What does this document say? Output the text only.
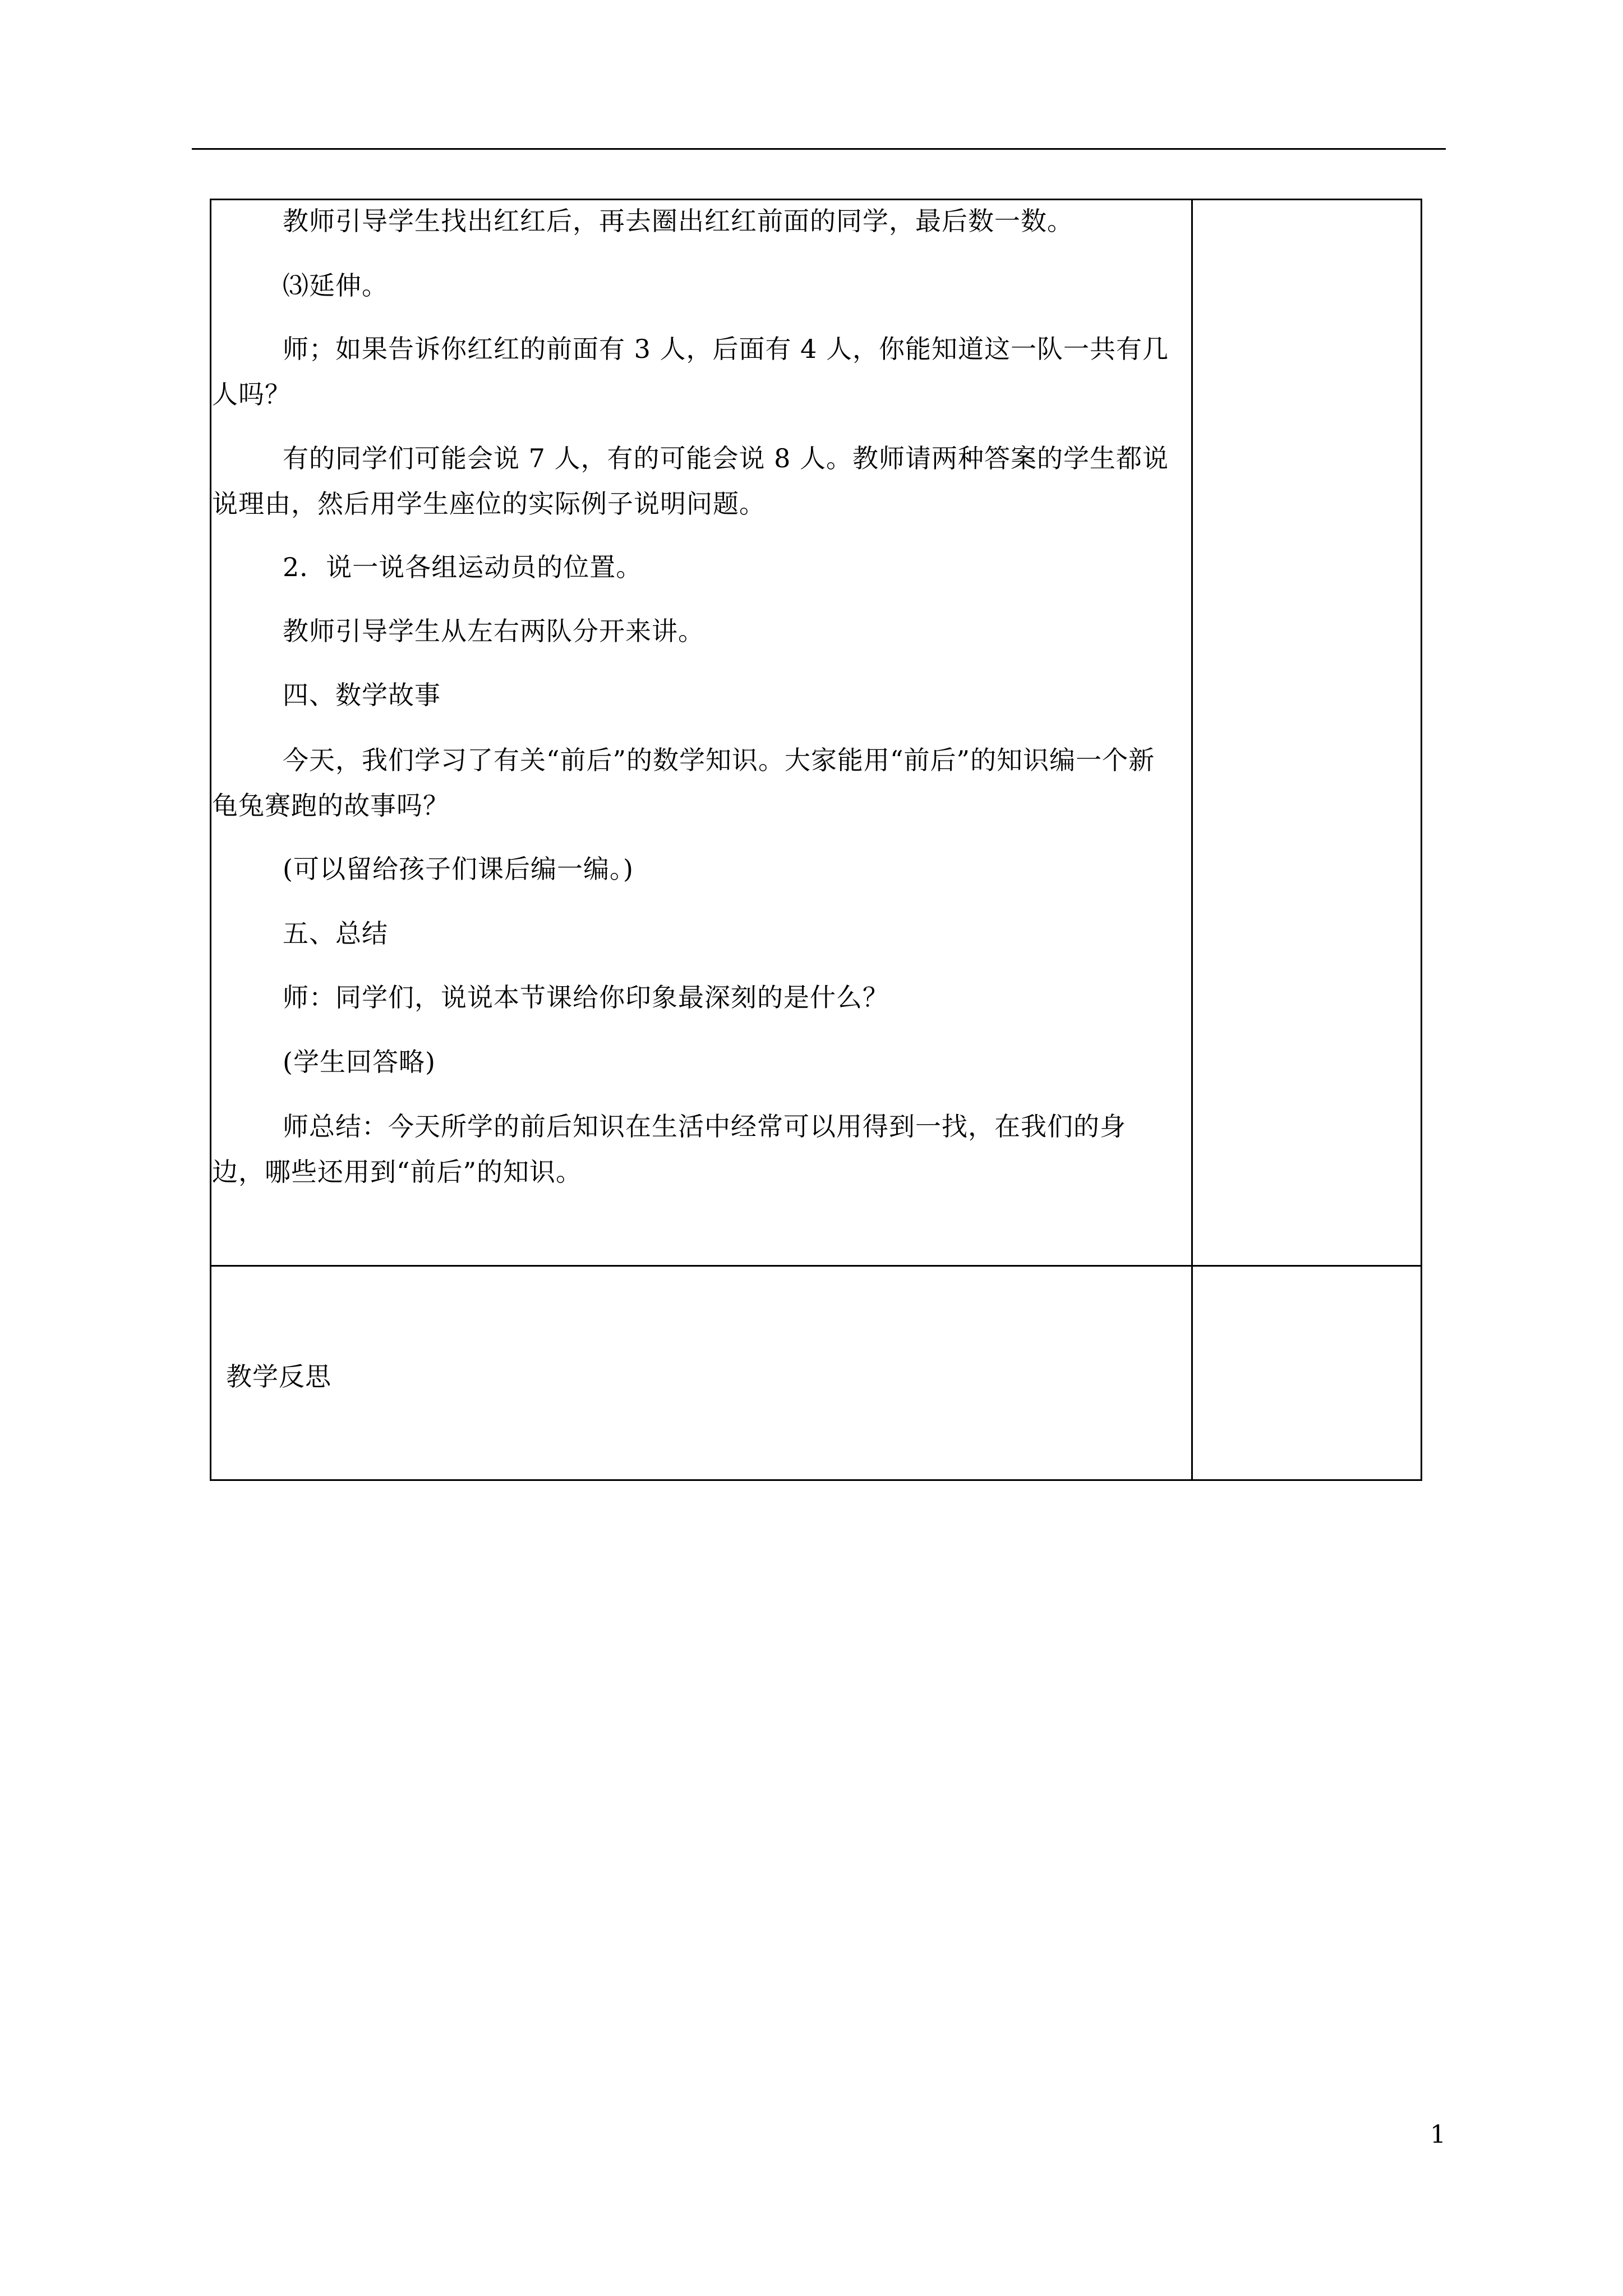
教师引导学生找出红红后，再去圈出红红前面的同学，最后数一数。
⑶延伸。
师；如果告诉你红红的前面有 3 人，后面有 4 人，你能知道这一队一共有几人吗？
有的同学们可能会说 7 人，有的可能会说 8 人。教师请两种答案的学生都说说理由，然后用学生座位的实际例子说明问题。
2．说一说各组运动员的位置。
教师引导学生从左右两队分开来讲。
四、数学故事
今天，我们学习了有关“前后”的数学知识。大家能用“前后”的知识编一个新龟兔赛跑的故事吗？
(可以留给孩子们课后编一编。)
五、总结
师：同学们，说说本节课给你印象最深刻的是什么？
(学生回答略)
师总结：今天所学的前后知识在生活中经常可以用得到一找，在我们的身边，哪些还用到“前后”的知识。
教学反思
1
